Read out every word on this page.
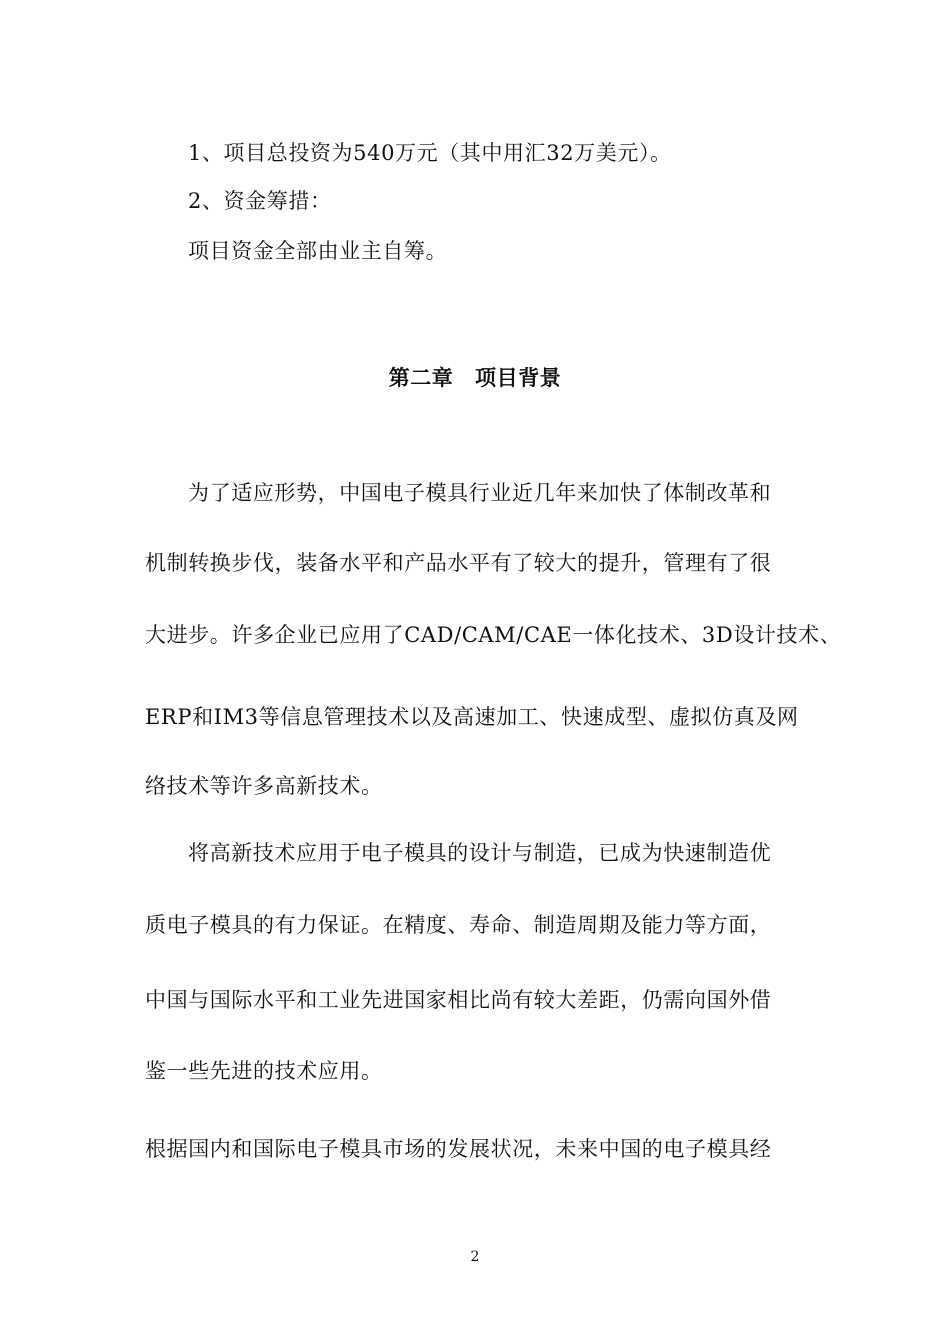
1、项目总投资为540万元（其中用汇32万美元）。
2、资金筹措：
项目资金全部由业主自筹。
第二章　项目背景
为了适应形势，中国电子模具行业近几年来加快了体制改革和
机制转换步伐，装备水平和产品水平有了较大的提升，管理有了很
大进步。许多企业已应用了CAD/CAM/CAE一体化技术、3D设计技术、
ERP和IM3等信息管理技术以及高速加工、快速成型、虚拟仿真及网
络技术等许多高新技术。
将高新技术应用于电子模具的设计与制造，已成为快速制造优
质电子模具的有力保证。在精度、寿命、制造周期及能力等方面，
中国与国际水平和工业先进国家相比尚有较大差距，仍需向国外借
鉴一些先进的技术应用。
根据国内和国际电子模具市场的发展状况，未来中国的电子模具经
2
